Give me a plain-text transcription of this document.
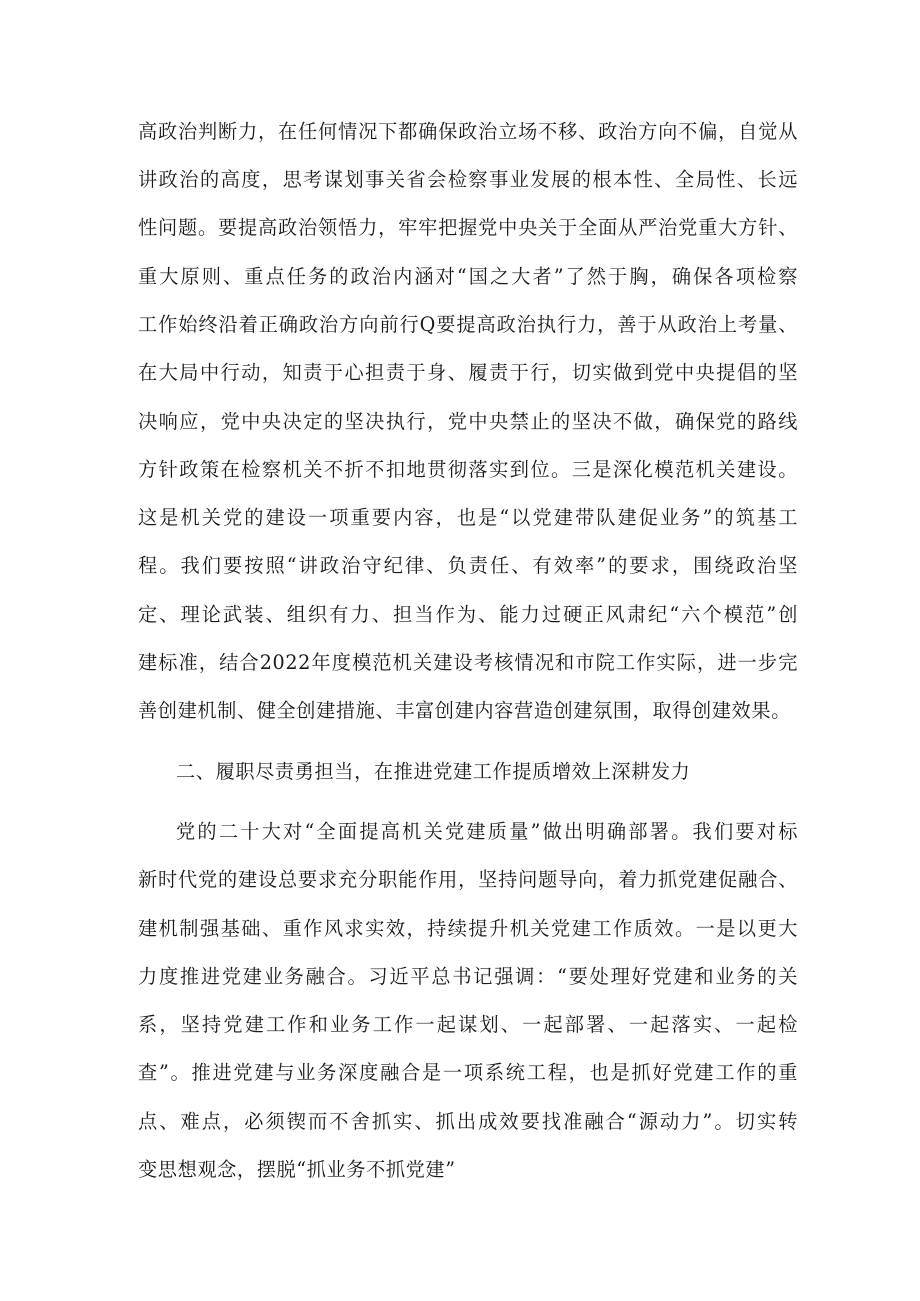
高政治判断力，在任何情况下都确保政治立场不移、政治方向不偏，自觉从
讲政治的高度，思考谋划事关省会检察事业发展的根本性、全局性、长远
性问题。要提高政治领悟力，牢牢把握党中央关于全面从严治党重大方针、
重大原则、重点任务的政治内涵对“国之大者”了然于胸，确保各项检察
工作始终沿着正确政治方向前行Q要提高政治执行力，善于从政治上考量、
在大局中行动，知责于心担责于身、履责于行，切实做到党中央提倡的坚
决响应，党中央决定的坚决执行，党中央禁止的坚决不做，确保党的路线
方针政策在检察机关不折不扣地贯彻落实到位。三是深化模范机关建设。
这是机关党的建设一项重要内容，也是“以党建带队建促业务”的筑基工
程。我们要按照“讲政治守纪律、负责任、有效率”的要求，围绕政治坚
定、理论武装、组织有力、担当作为、能力过硬正风肃纪“六个模范”创
建标准，结合2022年度模范机关建设考核情况和市院工作实际，进一步完
善创建机制、健全创建措施、丰富创建内容营造创建氛围，取得创建效果。
二、履职尽责勇担当，在推进党建工作提质增效上深耕发力
党的二十大对“全面提高机关党建质量”做出明确部署。我们要对标
新时代党的建设总要求充分职能作用，坚持问题导向，着力抓党建促融合、
建机制强基础、重作风求实效，持续提升机关党建工作质效。一是以更大
力度推进党建业务融合。习近平总书记强调：“要处理好党建和业务的关
系，坚持党建工作和业务工作一起谋划、一起部署、一起落实、一起检
查”。推进党建与业务深度融合是一项系统工程，也是抓好党建工作的重
点、难点，必须锲而不舍抓实、抓出成效要找准融合“源动力”。切实转
变思想观念，摆脱“抓业务不抓党建”
